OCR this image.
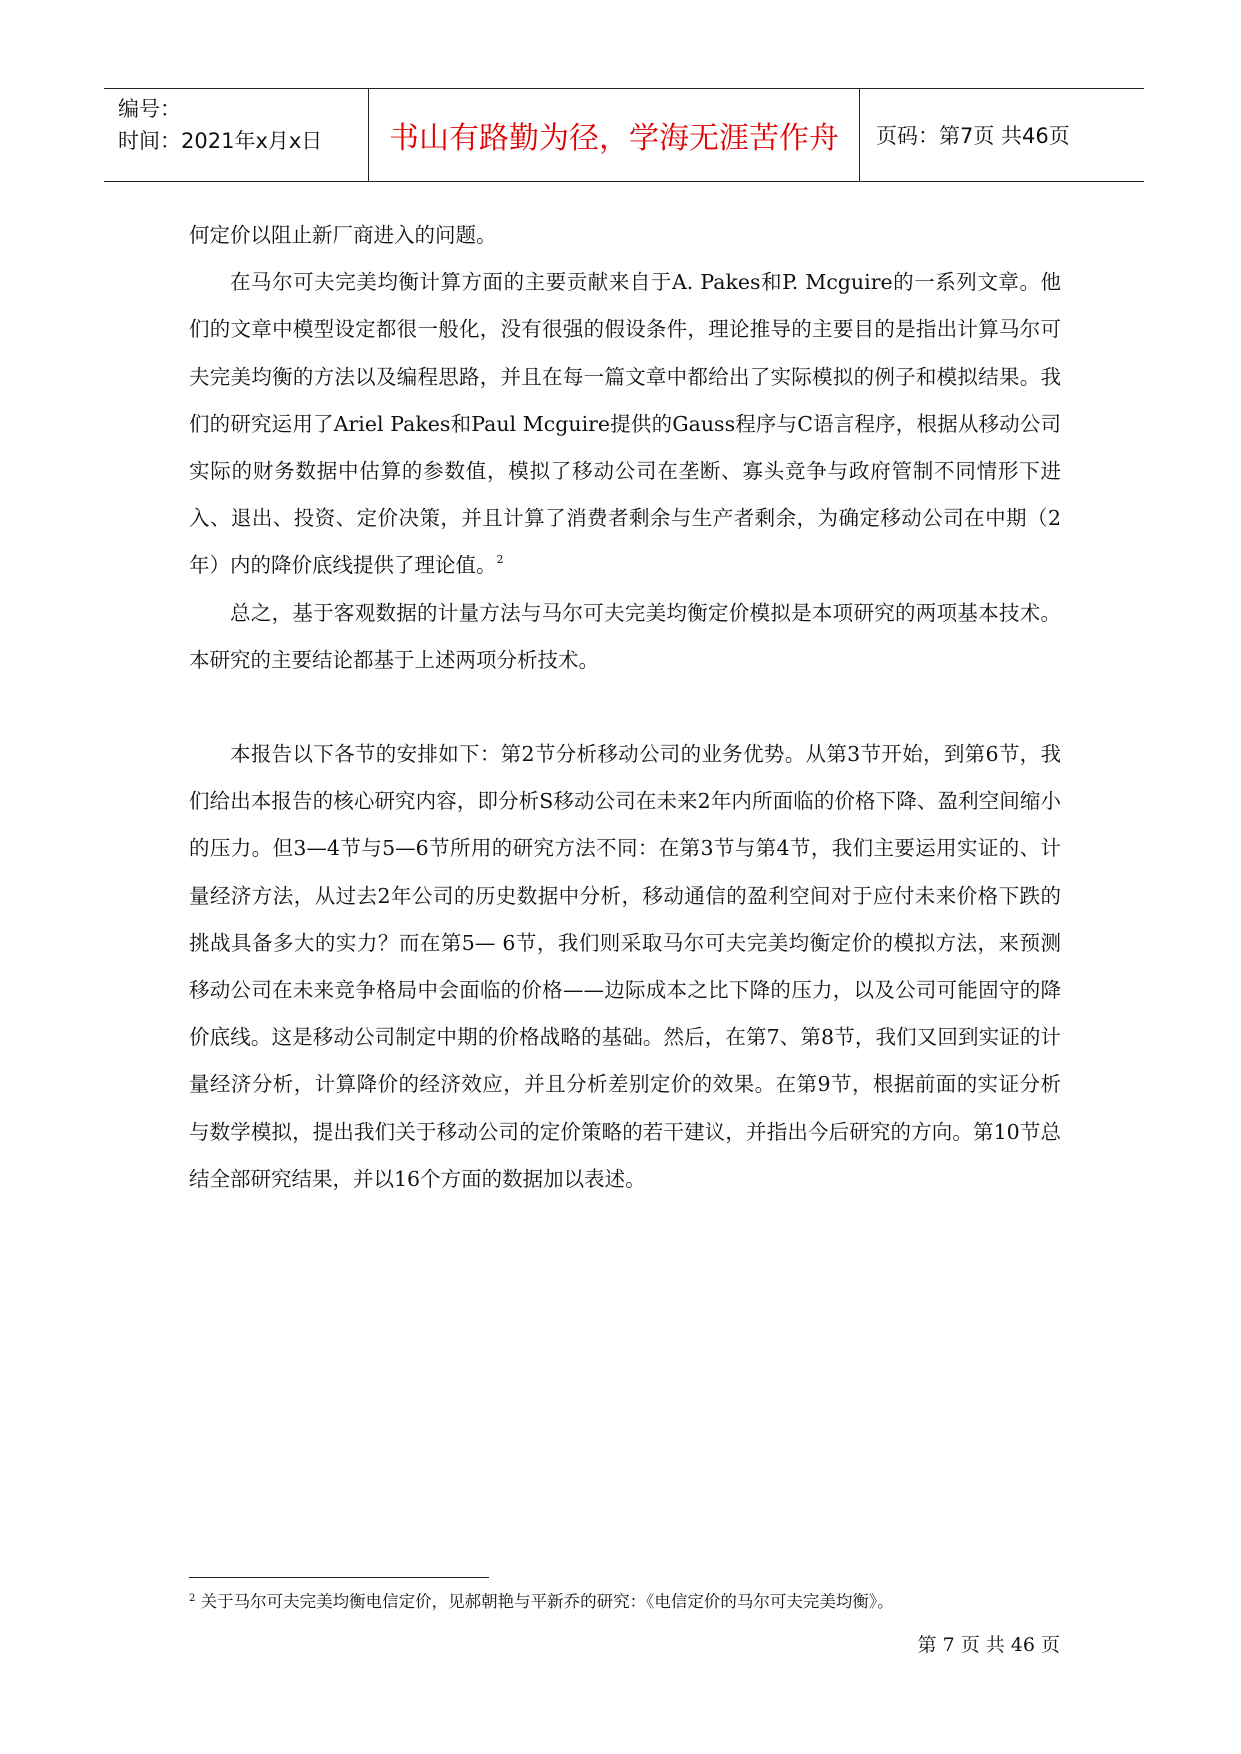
编号：
时间：2021年x月x日	书山有路勤为径，学海无涯苦作舟	页码：第7页 共46页

何定价以阻止新厂商进入的问题。

在马尔可夫完美均衡计算方面的主要贡献来自于A. Pakes和P. Mcguire的一系列文章。他们的文章中模型设定都很一般化，没有很强的假设条件，理论推导的主要目的是指出计算马尔可夫完美均衡的方法以及编程思路，并且在每一篇文章中都给出了实际模拟的例子和模拟结果。我们的研究运用了Ariel Pakes和Paul Mcguire提供的Gauss程序与C语言程序，根据从移动公司实际的财务数据中估算的参数值，模拟了移动公司在垄断、寡头竞争与政府管制不同情形下进入、退出、投资、定价决策，并且计算了消费者剩余与生产者剩余，为确定移动公司在中期（2年）内的降价底线提供了理论值。$^2$

总之，基于客观数据的计量方法与马尔可夫完美均衡定价模拟是本项研究的两项基本技术。本研究的主要结论都基于上述两项分析技术。

本报告以下各节的安排如下：第2节分析移动公司的业务优势。从第3节开始，到第6节，我们给出本报告的核心研究内容，即分析S移动公司在未来2年内所面临的价格下降、盈利空间缩小的压力。但3—4节与5—6节所用的研究方法不同：在第3节与第4节，我们主要运用实证的、计量经济方法，从过去2年公司的历史数据中分析，移动通信的盈利空间对于应付未来价格下跌的挑战具备多大的实力？而在第5— 6节，我们则采取马尔可夫完美均衡定价的模拟方法，来预测移动公司在未来竞争格局中会面临的价格——边际成本之比下降的压力，以及公司可能固守的降价底线。这是移动公司制定中期的价格战略的基础。然后，在第7、第8节，我们又回到实证的计量经济分析，计算降价的经济效应，并且分析差别定价的效果。在第9节，根据前面的实证分析与数学模拟，提出我们关于移动公司的定价策略的若干建议，并指出今后研究的方向。第10节总结全部研究结果，并以16个方面的数据加以表述。

$^2$ 关于马尔可夫完美均衡电信定价，见郝朝艳与平新乔的研究：《电信定价的马尔可夫完美均衡》。
第 7 页 共 46 页
